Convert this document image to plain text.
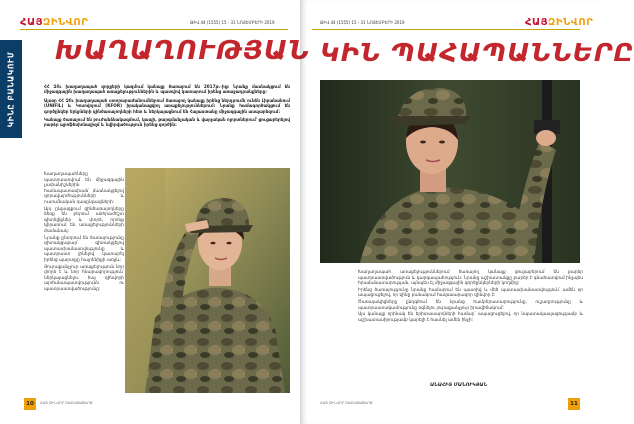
ՀԱՅԶԻՆՎՈՐ	ԹԻՎ 44 (1555) 15 - 31 ՆՈՅԵՄԲԵՐԻ 2019
ԿԻՆԸ ԲԱՆԱԿՈՒՄ
ԽԱՂԱՂՈՒԹՅԱՆ

ՀՀ ԶՈւ խաղաղապահ զորքերի կազմում կանայք ծառայում են 2017թ.-ից: Նրանք մասնակցում են միջազգային խաղաղապահ առաքելություններին և պատվով կատարում իրենց առաջադրանքները:

Այսօր ՀՀ ԶՈւ խաղաղապահ ստորաբաժանումներում ծառայող կանայք իրենց ներդրումն ունեն Լիբանանում (UNIFIL) և Կոսովոյում (KFOR) իրականացվող առաքելություններում: Նրանք համագործակցում են գործընկեր երկրների զինծառայողների հետ և ներկայացնում են Հայաստանը միջազգային ասպարեզում:

Կանայք ծառայում են բուժանձնակազմում, կապի, թարգմանչական և վարչական ոլորտներում՝ ցուցաբերելով բարձր պրոֆեսիոնալիզմ և նվիրվածություն իրենց գործին:

Խաղաղապահները պատրաստվում են միջազգային չափանիշներին համապատասխան՝ մասնակցելով զորավարժությունների և ուսումնական դասընթացների:

Այդ ընթացքում զինծառայողները ձեռք են բերում անհրաժեշտ գիտելիքներ և փորձ, որոնք կիրառում են առաքելությունների ժամանակ:

Նրանք ընտրում են ծառայությունը գիտակցաբար՝ գիտակցելով պատասխանատվությունը և պատրաստ լինելով կատարել իրենց պարտքը հայրենիքի առջև:

Յուրաքանչյուր առաքելություն նոր փորձ է և նոր հնարավորություն՝ ներկայացնելու հայ զինվորի արժանապատվությունն ու պատրաստվածությունը:

10	ՀԱՅ ԶԻՆՎՈՐ ՇԱԲԱԹԱԹԵՐԹ
ԹԻՎ 44 (1555) 15 - 31 ՆՈՅԵՄԲԵՐԻ 2019	ՀԱՅԶԻՆՎՈՐ
ԿԻՆ ՊԱՀԱՊԱՆՆԵՐԸ

Խաղաղապահ առաքելություններում ծառայող կանայք ցուցաբերում են բարձր պատրաստվածություն և կարգապահություն: Նրանց աշխատանքը բարձր է գնահատվում ինչպես հրամանատարության, այնպես էլ միջազգային գործընկերների կողմից:

Իրենց ծառայությունը նրանք համարում են պատիվ և մեծ պատասխանատվություն՝ ամեն օր ապացուցելով, որ կինը բանակում հավասարազոր զինվոր է:

Ծառայակիցները ընդգծում են նրանց համբերատարությունը, ուշադրությունը և պատրաստակամությունը օգնելու յուրաքանչյուր իրավիճակում:

Այս կանայք օրինակ են երիտասարդների համար՝ ապացուցելով, որ նպատակասլացությամբ և աշխատասիրությամբ կարելի է հասնել ամեն ինչի:

ԱՆԱՀԻՏ ՄԱՆՈՒԿՅԱՆ
ՀԱՅ ԶԻՆՎՈՐ ՇԱԲԱԹԱԹԵՐԹ	11
